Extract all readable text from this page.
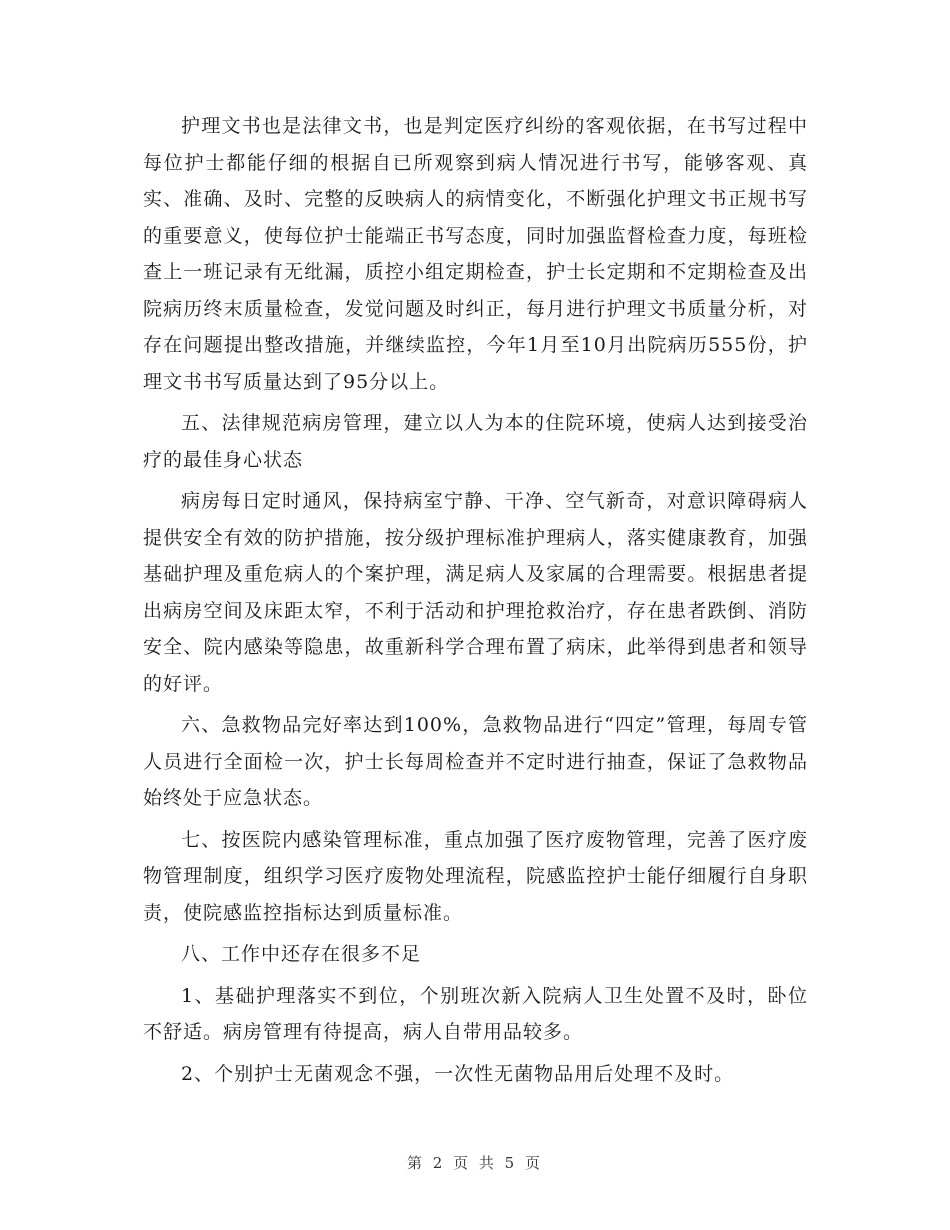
护理文书也是法律文书，也是判定医疗纠纷的客观依据，在书写过程中每位护士都能仔细的根据自已所观察到病人情况进行书写，能够客观、真实、准确、及时、完整的反映病人的病情变化，不断强化护理文书正规书写的重要意义，使每位护士能端正书写态度，同时加强监督检查力度，每班检查上一班记录有无纰漏，质控小组定期检查，护士长定期和不定期检查及出院病历终末质量检查，发觉问题及时纠正，每月进行护理文书质量分析，对存在问题提出整改措施，并继续监控，今年1月至10月出院病历555份，护理文书书写质量达到了95分以上。

五、法律规范病房管理，建立以人为本的住院环境，使病人达到接受治疗的最佳身心状态

病房每日定时通风，保持病室宁静、干净、空气新奇，对意识障碍病人提供安全有效的防护措施，按分级护理标准护理病人，落实健康教育，加强基础护理及重危病人的个案护理，满足病人及家属的合理需要。根据患者提出病房空间及床距太窄，不利于活动和护理抢救治疗，存在患者跌倒、消防安全、院内感染等隐患，故重新科学合理布置了病床，此举得到患者和领导的好评。

六、急救物品完好率达到100%，急救物品进行“四定”管理，每周专管人员进行全面检一次，护士长每周检查并不定时进行抽查，保证了急救物品始终处于应急状态。

七、按医院内感染管理标准，重点加强了医疗废物管理，完善了医疗废物管理制度，组织学习医疗废物处理流程，院感监控护士能仔细履行自身职责，使院感监控指标达到质量标准。

八、工作中还存在很多不足

1、基础护理落实不到位，个别班次新入院病人卫生处置不及时，卧位不舒适。病房管理有待提高，病人自带用品较多。

2、个别护士无菌观念不强，一次性无菌物品用后处理不及时。

第 2 页 共 5 页
